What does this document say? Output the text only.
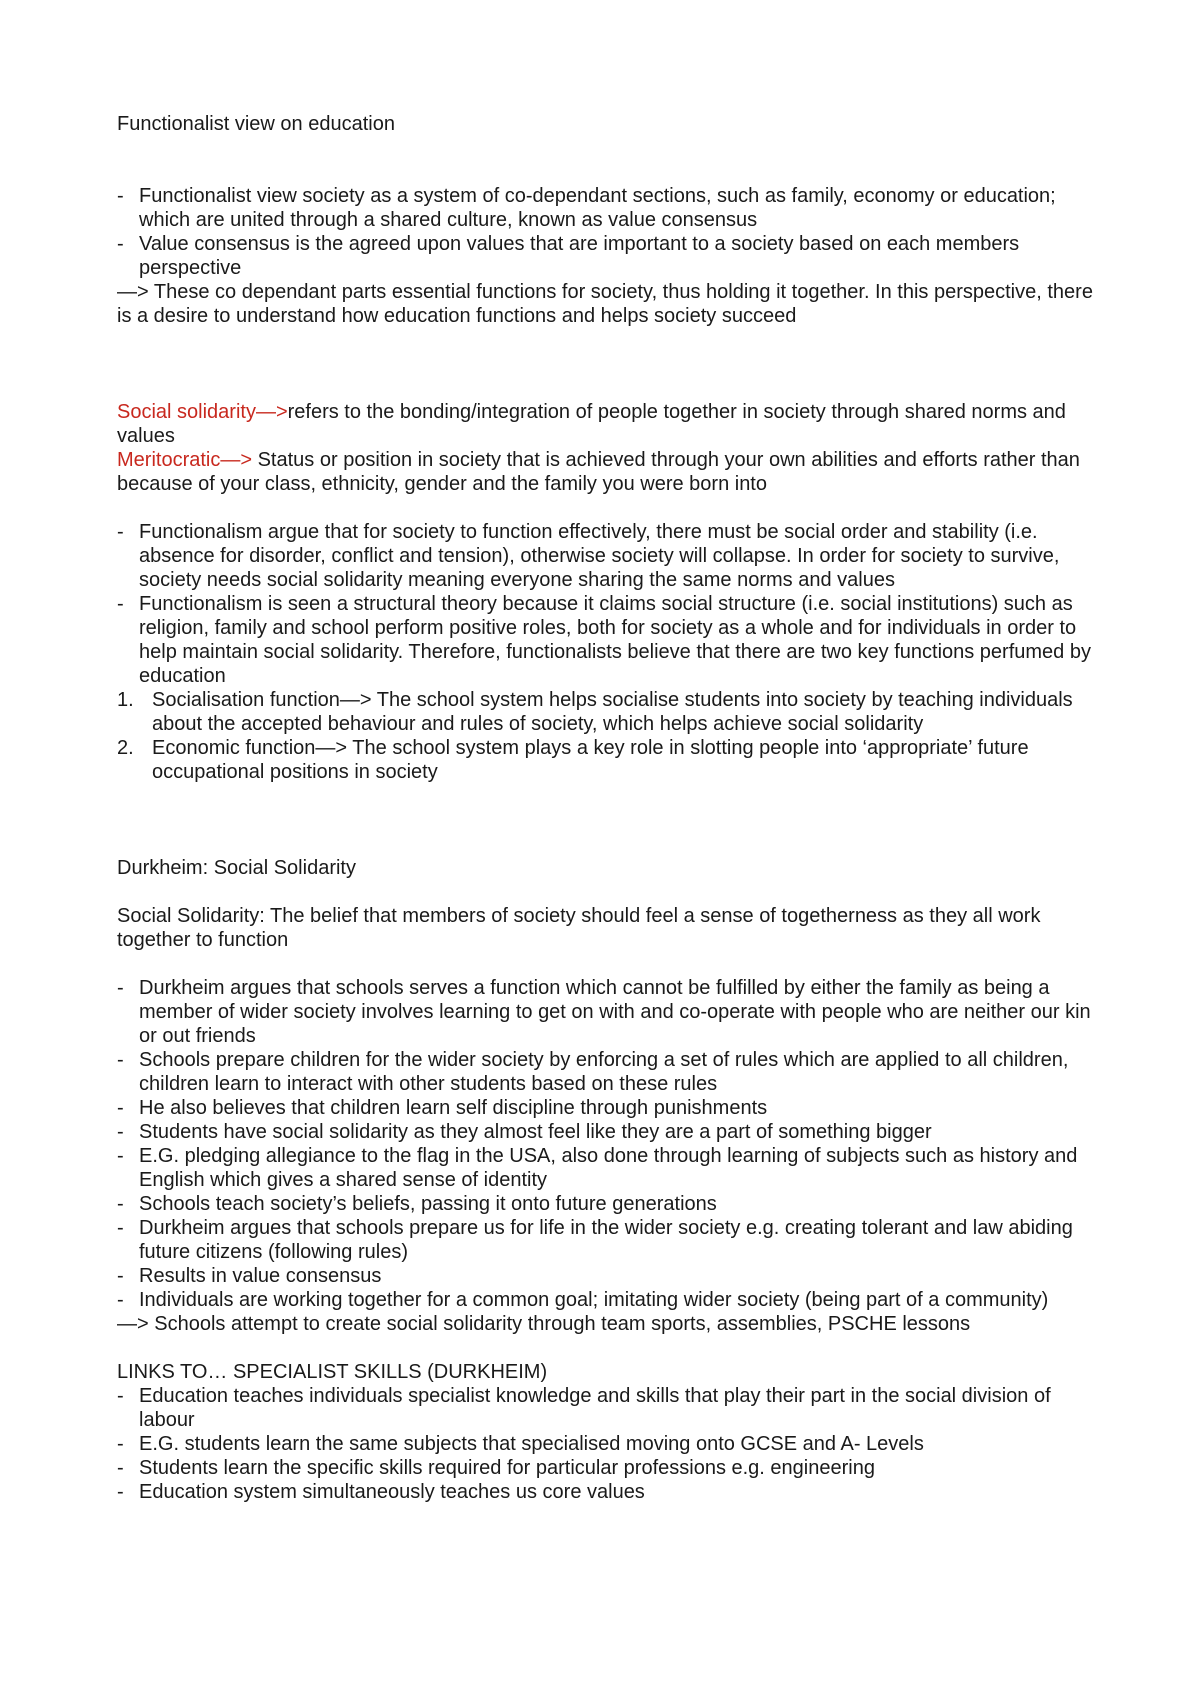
Functionalist view on education

- Functionalist view society as a system of co-dependant sections, such as family, economy or education; which are united through a shared culture, known as value consensus
- Value consensus is the agreed upon values that are important to a society based on each members perspective

—> These co dependant parts essential functions for society, thus holding it together. In this perspective, there is a desire to understand how education functions and helps society succeed

Social solidarity—>refers to the bonding/integration of people together in society through shared norms and values

Meritocratic—> Status or position in society that is achieved through your own abilities and efforts rather than because of your class, ethnicity, gender and the family you were born into

- Functionalism argue that for society to function effectively, there must be social order and stability (i.e. absence for disorder, conflict and tension), otherwise society will collapse. In order for society to survive, society needs social solidarity meaning everyone sharing the same norms and values
- Functionalism is seen a structural theory because it claims social structure (i.e. social institutions) such as religion, family and school perform positive roles, both for society as a whole and for individuals in order to help maintain social solidarity. Therefore, functionalists believe that there are two key functions perfumed by education
1. Socialisation function—> The school system helps socialise students into society by teaching individuals about the accepted behaviour and rules of society, which helps achieve social solidarity
2. Economic function—> The school system plays a key role in slotting people into ‘appropriate’ future occupational positions in society

Durkheim: Social Solidarity

Social Solidarity: The belief that members of society should feel a sense of togetherness as they all work together to function

- Durkheim argues that schools serves a function which cannot be fulfilled by either the family as being a member of wider society involves learning to get on with and co-operate with people who are neither our kin or out friends
- Schools prepare children for the wider society by enforcing a set of rules which are applied to all children, children learn to interact with other students based on these rules
- He also believes that children learn self discipline through punishments
- Students have social solidarity as they almost feel like they are a part of something bigger
- E.G. pledging allegiance to the flag in the USA, also done through learning of subjects such as history and English which gives a shared sense of identity
- Schools teach society’s beliefs, passing it onto future generations
- Durkheim argues that schools prepare us for life in the wider society e.g. creating tolerant and law abiding future citizens (following rules)
- Results in value consensus
- Individuals are working together for a common goal; imitating wider society (being part of a community)

—> Schools attempt to create social solidarity through team sports, assemblies, PSCHE lessons

LINKS TO… SPECIALIST SKILLS (DURKHEIM)

- Education teaches individuals specialist knowledge and skills that play their part in the social division of labour
- E.G. students learn the same subjects that specialised moving onto GCSE and A- Levels
- Students learn the specific skills required for particular professions e.g. engineering
- Education system simultaneously teaches us core values
